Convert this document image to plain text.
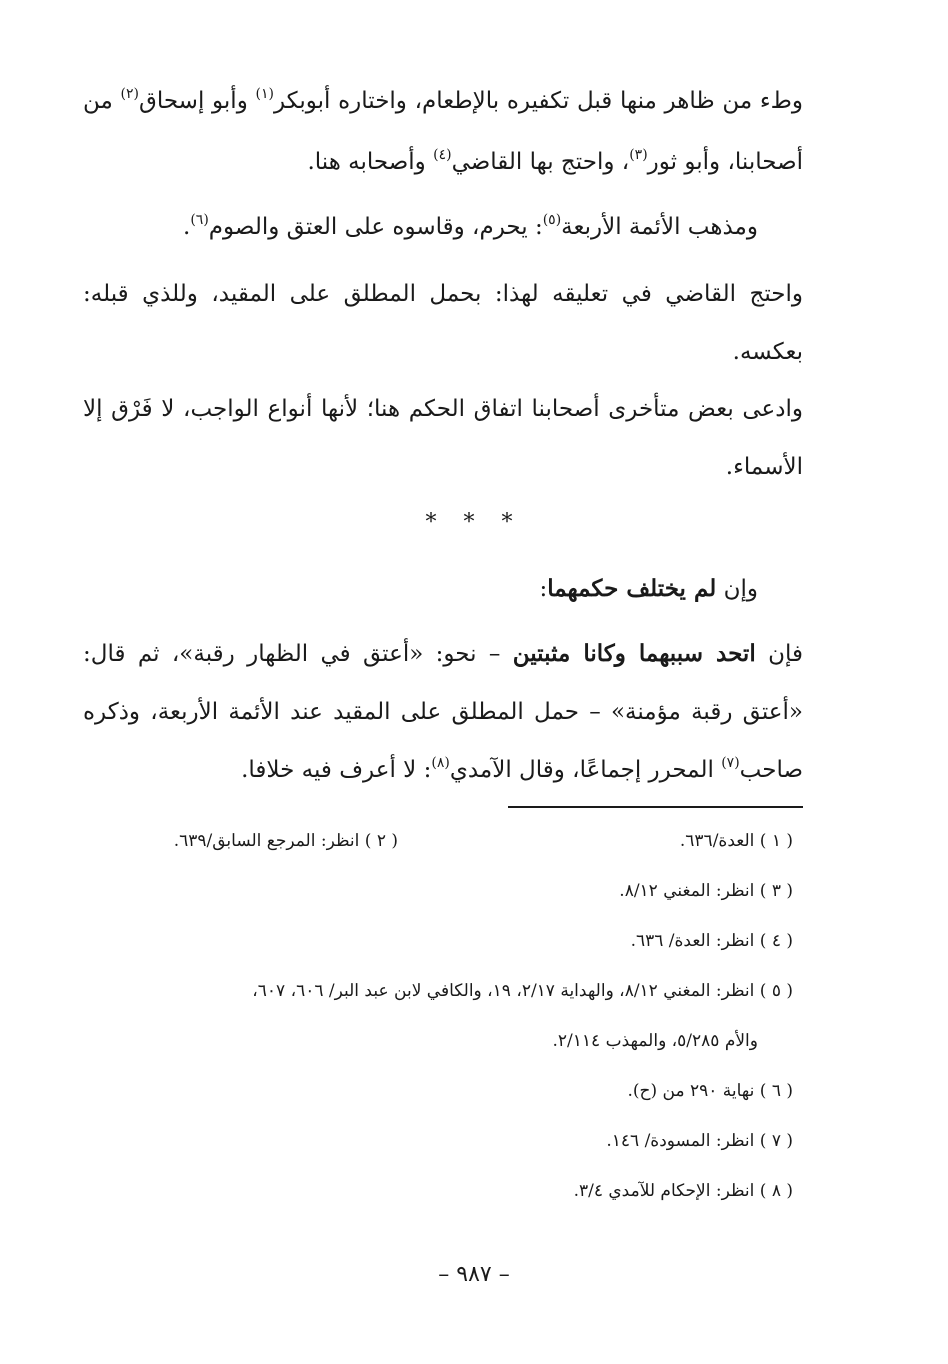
وطء من ظاهر منها قبل تكفيره بالإطعام، واختاره أبوبكر$^{(١)}$ وأبو إسحاق$^{(٢)}$ من أصحابنا، وأبو ثور$^{(٣)}$، واحتج بها القاضي$^{(٤)}$ وأصحابه هنا.

ومذهب الأئمة الأربعة$^{(٥)}$: يحرم، وقاسوه على العتق والصوم$^{(٦)}$.

واحتج القاضي في تعليقه لهذا: بحمل المطلق على المقيد، وللذي قبله: بعكسه.

وادعى بعض متأخرى أصحابنا اتفاق الحكم هنا؛ لأنها أنواع الواجب، لا فَرْق إلا الأسماء.

* * *

وإن لم يختلف حكمهما:

فإن اتحد سببهما وكانا مثبتين – نحو: «أعتق في الظهار رقبة»، ثم قال: «أعتق رقبة مؤمنة» – حمل المطلق على المقيد عند الأئمة الأربعة، وذكره صاحب$^{(٧)}$ المحرر إجماعًا، وقال الآمدي$^{(٨)}$: لا أعرف فيه خلافا.

( ١ ) العدة/٦٣٦.
( ٢ ) انظر: المرجع السابق/٦٣٩.
( ٣ ) انظر: المغني ٨/١٢.
( ٤ ) انظر: العدة/ ٦٣٦.
( ٥ ) انظر: المغني ٨/١٢، والهداية ٢/١٧، ١٩، والكافي لابن عبد البر/ ٦٠٦، ٦٠٧،
والأم ٥/٢٨٥، والمهذب ٢/١١٤.
( ٦ ) نهاية ٢٩٠ من (ح).
( ٧ ) انظر: المسودة/ ١٤٦.
( ٨ ) انظر: الإحكام للآمدي ٣/٤.
– ٩٨٧ –
